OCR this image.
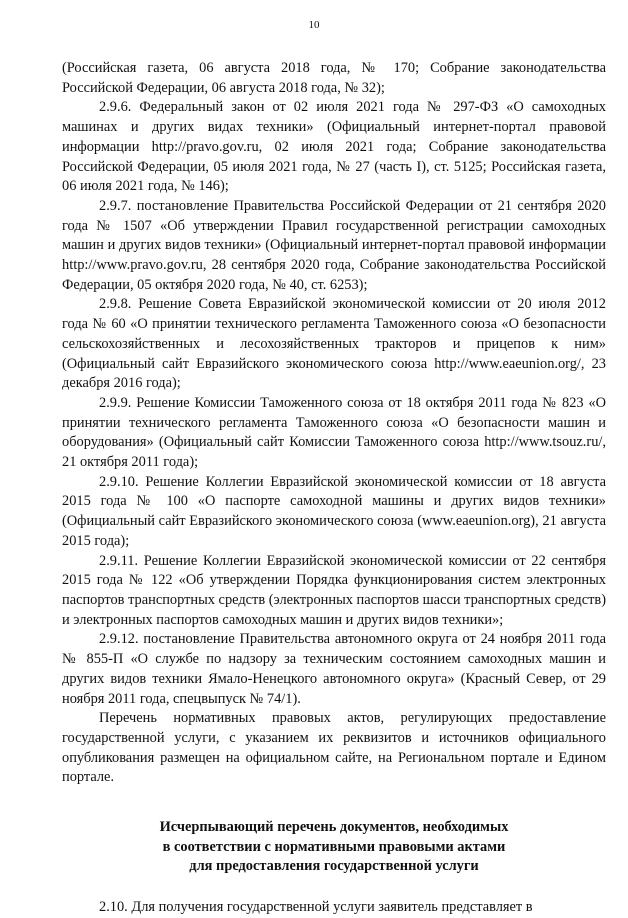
10

(Российская газета, 06 августа 2018 года, № 170; Собрание законодательства Российской Федерации, 06 августа 2018 года, № 32);

2.9.6. Федеральный закон от 02 июля 2021 года № 297-ФЗ «О самоходных машинах и других видах техники» (Официальный интернет-портал правовой информации http://pravo.gov.ru, 02 июля 2021 года; Собрание законодательства Российской Федерации, 05 июля 2021 года, № 27 (часть I), ст. 5125; Российская газета, 06 июля 2021 года, № 146);

2.9.7. постановление Правительства Российской Федерации от 21 сентября 2020 года № 1507 «Об утверждении Правил государственной регистрации самоходных машин и других видов техники» (Официальный интернет-портал правовой информации http://www.pravo.gov.ru, 28 сентября 2020 года, Собрание законодательства Российской Федерации, 05 октября 2020 года, № 40, ст. 6253);

2.9.8. Решение Совета Евразийской экономической комиссии от 20 июля 2012 года № 60 «О принятии технического регламента Таможенного союза «О безопасности сельскохозяйственных и лесохозяйственных тракторов и прицепов к ним» (Официальный сайт Евразийского экономического союза http://www.eaeunion.org/, 23 декабря 2016 года);

2.9.9. Решение Комиссии Таможенного союза от 18 октября 2011 года № 823 «О принятии технического регламента Таможенного союза «О безопасности машин и оборудования» (Официальный сайт Комиссии Таможенного союза http://www.tsouz.ru/, 21 октября 2011 года);

2.9.10. Решение Коллегии Евразийской экономической комиссии от 18 августа 2015 года № 100 «О паспорте самоходной машины и других видов техники» (Официальный сайт Евразийского экономического союза (www.eaeunion.org), 21 августа 2015 года);

2.9.11. Решение Коллегии Евразийской экономической комиссии от 22 сентября 2015 года № 122 «Об утверждении Порядка функционирования систем электронных паспортов транспортных средств (электронных паспортов шасси транспортных средств) и электронных паспортов самоходных машин и других видов техники»;

2.9.12. постановление Правительства автономного округа от 24 ноября 2011 года № 855-П «О службе по надзору за техническим состоянием самоходных машин и других видов техники Ямало-Ненецкого автономного округа» (Красный Север, от 29 ноября 2011 года, спецвыпуск № 74/1).

Перечень нормативных правовых актов, регулирующих предоставление государственной услуги, с указанием их реквизитов и источников официального опубликования размещен на официальном сайте, на Региональном портале и Едином портале.

Исчерпывающий перечень документов, необходимых
в соответствии с нормативными правовыми актами
для предоставления государственной услуги

2.10. Для получения государственной услуги заявитель представляет в
